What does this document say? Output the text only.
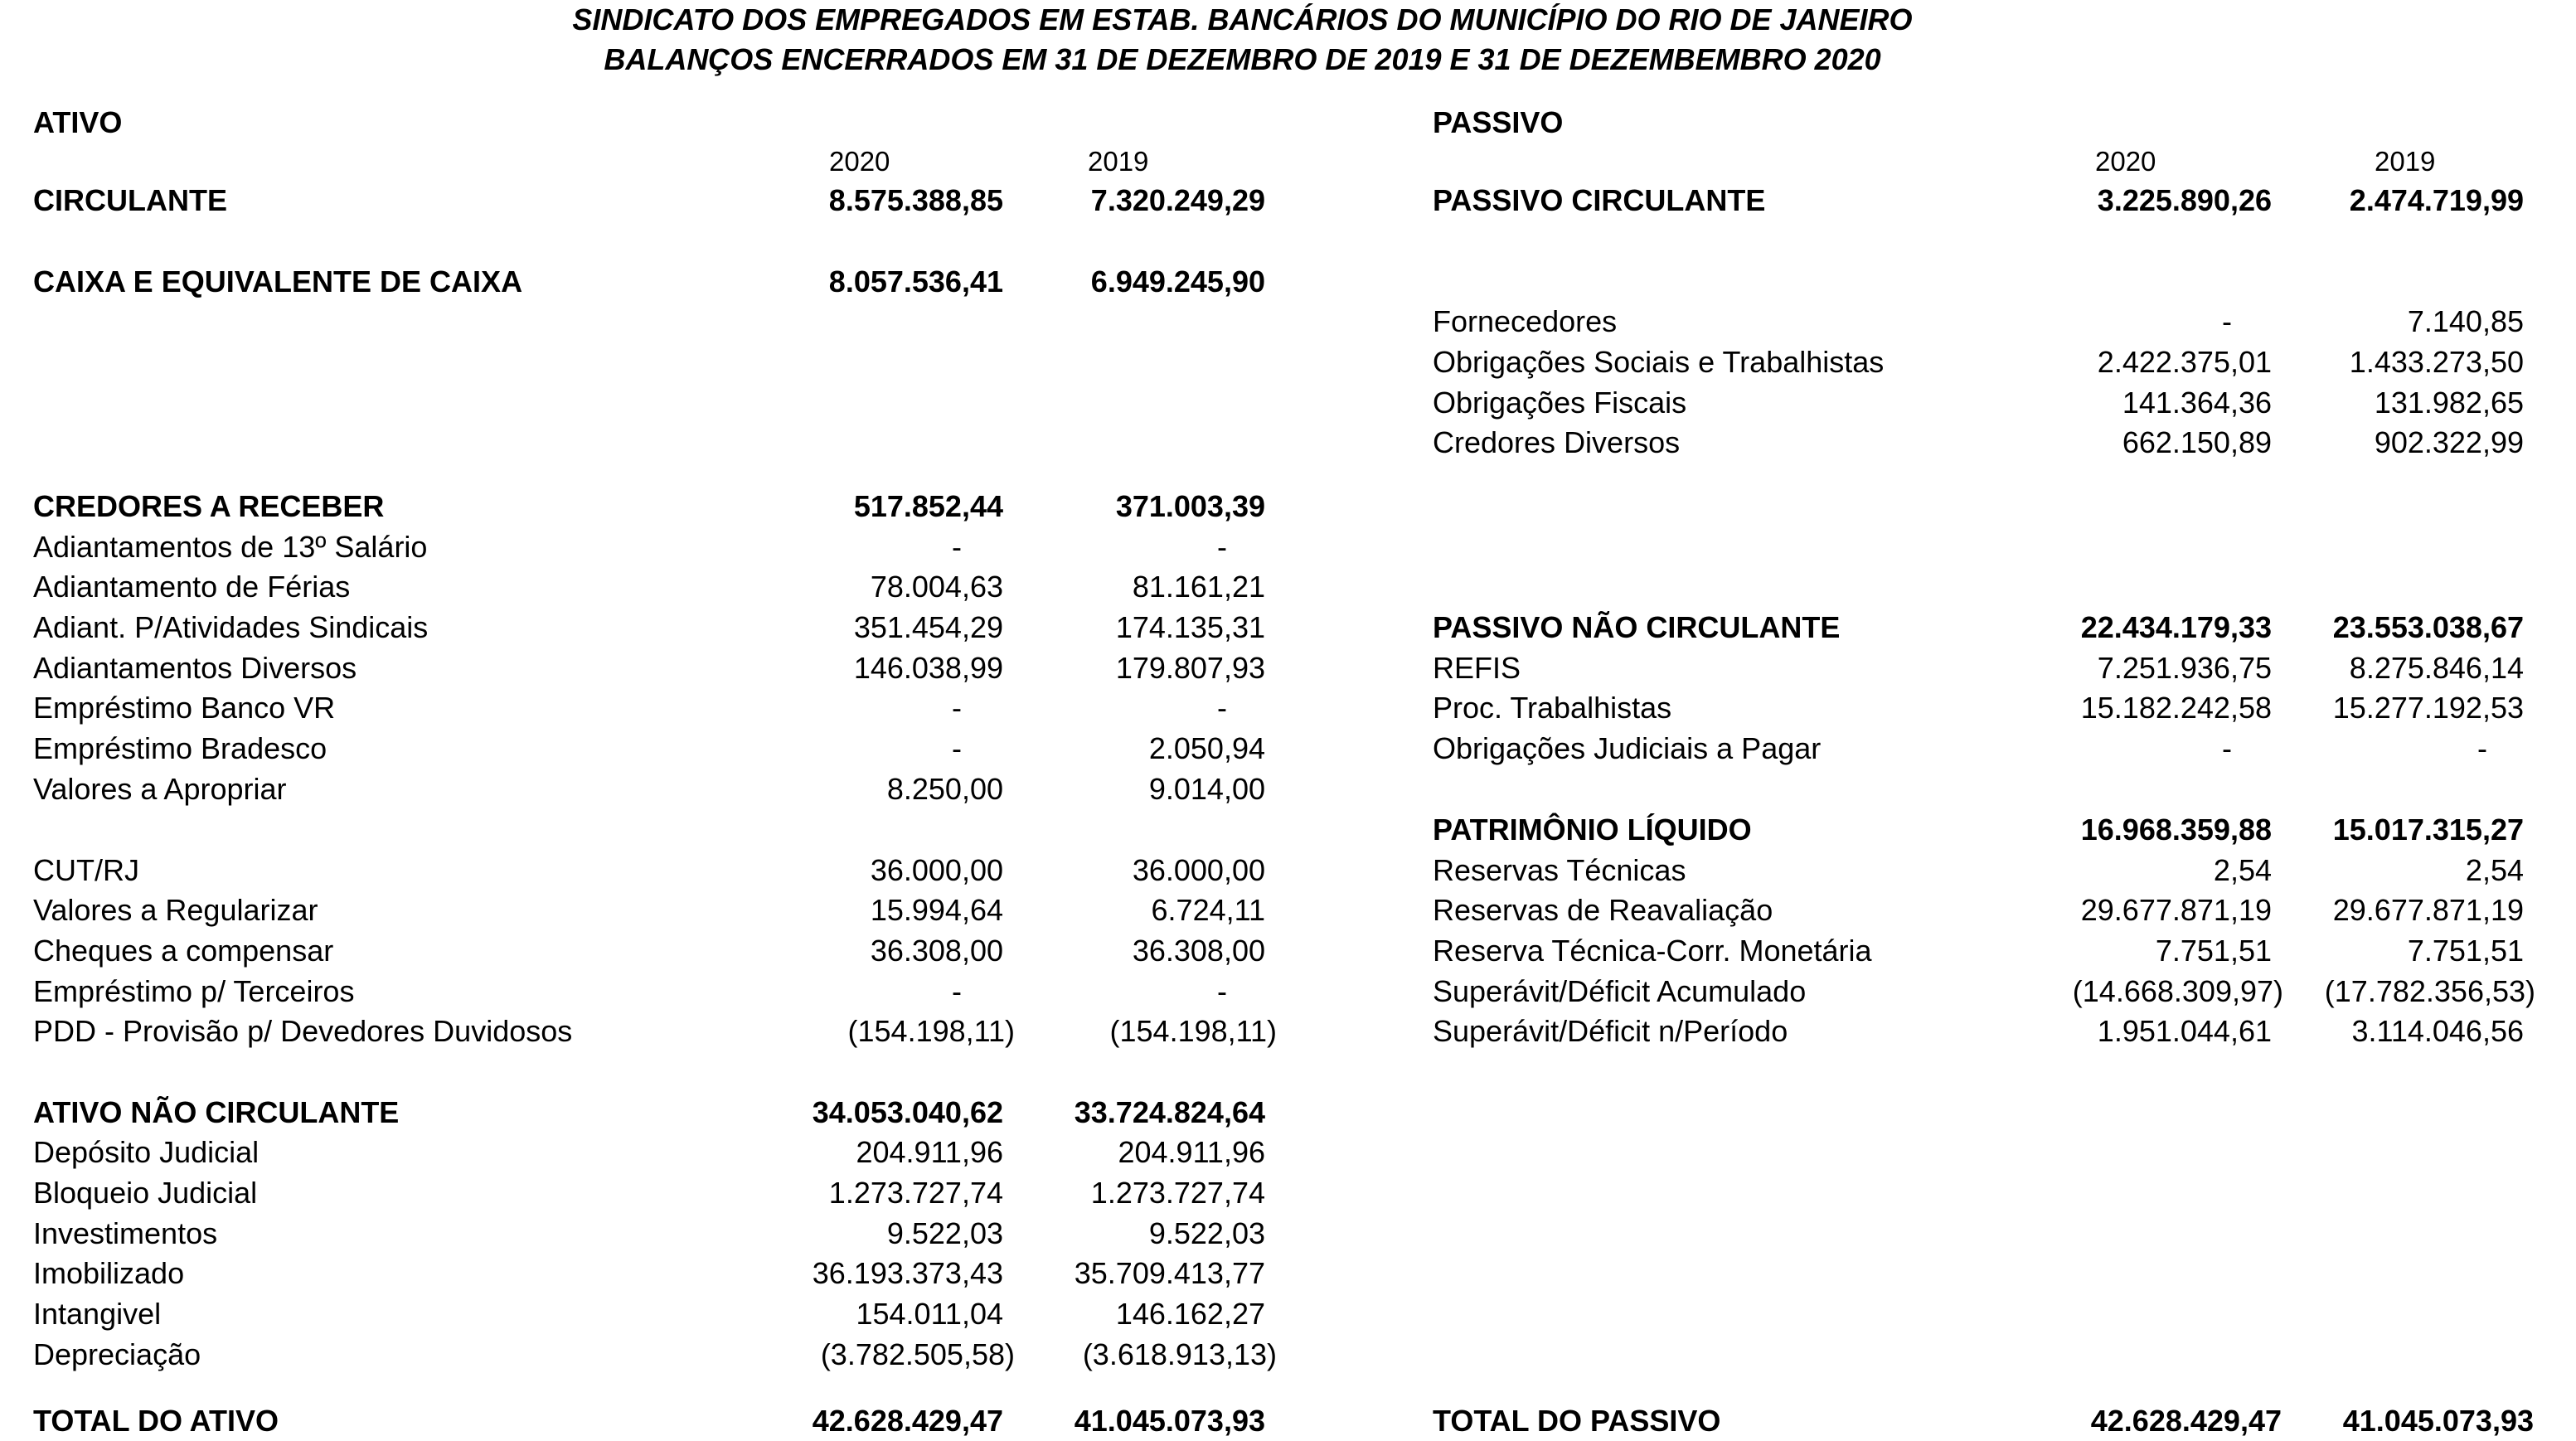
SINDICATO DOS EMPREGADOS EM ESTAB. BANCÁRIOS DO MUNICÍPIO DO RIO DE JANEIRO
BALANÇOS ENCERRADOS EM 31 DE DEZEMBRO DE 2019 E 31 DE DEZEMBEMBRO 2020
ATIVO
2020	2019
PASSIVO
2020	2019
CIRCULANTE	8.575.388,85	7.320.249,29
CAIXA E EQUIVALENTE DE CAIXA	8.057.536,41	6.949.245,90
CREDORES A RECEBER	517.852,44	371.003,39
Adiantamentos de 13º Salário	-	-
Adiantamento de Férias	78.004,63	81.161,21
Adiant. P/Atividades Sindicais	351.454,29	174.135,31
Adiantamentos Diversos	146.038,99	179.807,93
Empréstimo Banco VR	-	-
Empréstimo Bradesco	-	2.050,94
Valores a Apropriar	8.250,00	9.014,00
CUT/RJ	36.000,00	36.000,00
Valores a Regularizar	15.994,64	6.724,11
Cheques a compensar	36.308,00	36.308,00
Empréstimo p/ Terceiros	-	-
PDD - Provisão p/ Devedores Duvidosos	(154.198,11)	(154.198,11)
ATIVO NÃO CIRCULANTE	34.053.040,62 33.724.824,64
Depósito Judicial	204.911,96	204.911,96
Bloqueio Judicial	1.273.727,74	1.273.727,74
Investimentos	9.522,03	9.522,03
Imobilizado	36.193.373,43 35.709.413,77
Intangivel	154.011,04	146.162,27
Depreciação	(3.782.505,58) (3.618.913,13)
TOTAL DO ATIVO	42.628.429,47 41.045.073,93
PASSIVO CIRCULANTE	3.225.890,26	2.474.719,99
Fornecedores	-	7.140,85
Obrigações Sociais e Trabalhistas	2.422.375,01	1.433.273,50
Obrigações Fiscais	141.364,36	131.982,65
Credores Diversos	662.150,89	902.322,99
PASSIVO NÃO CIRCULANTE	22.434.179,33 23.553.038,67
REFIS	7.251.936,75	8.275.846,14
Proc. Trabalhistas	15.182.242,58 15.277.192,53
Obrigações Judiciais a Pagar	-	-
PATRIMÔNIO LÍQUIDO	16.968.359,88 15.017.315,27
Reservas Técnicas	2,54	2,54
Reservas de Reavaliação	29.677.871,19 29.677.871,19
Reserva Técnica-Corr. Monetária	7.751,51	7.751,51
Superávit/Déficit Acumulado	(14.668.309,97) (17.782.356,53)
Superávit/Déficit n/Período	1.951.044,61	3.114.046,56
TOTAL DO PASSIVO	42.628.429,47 41.045.073,93
